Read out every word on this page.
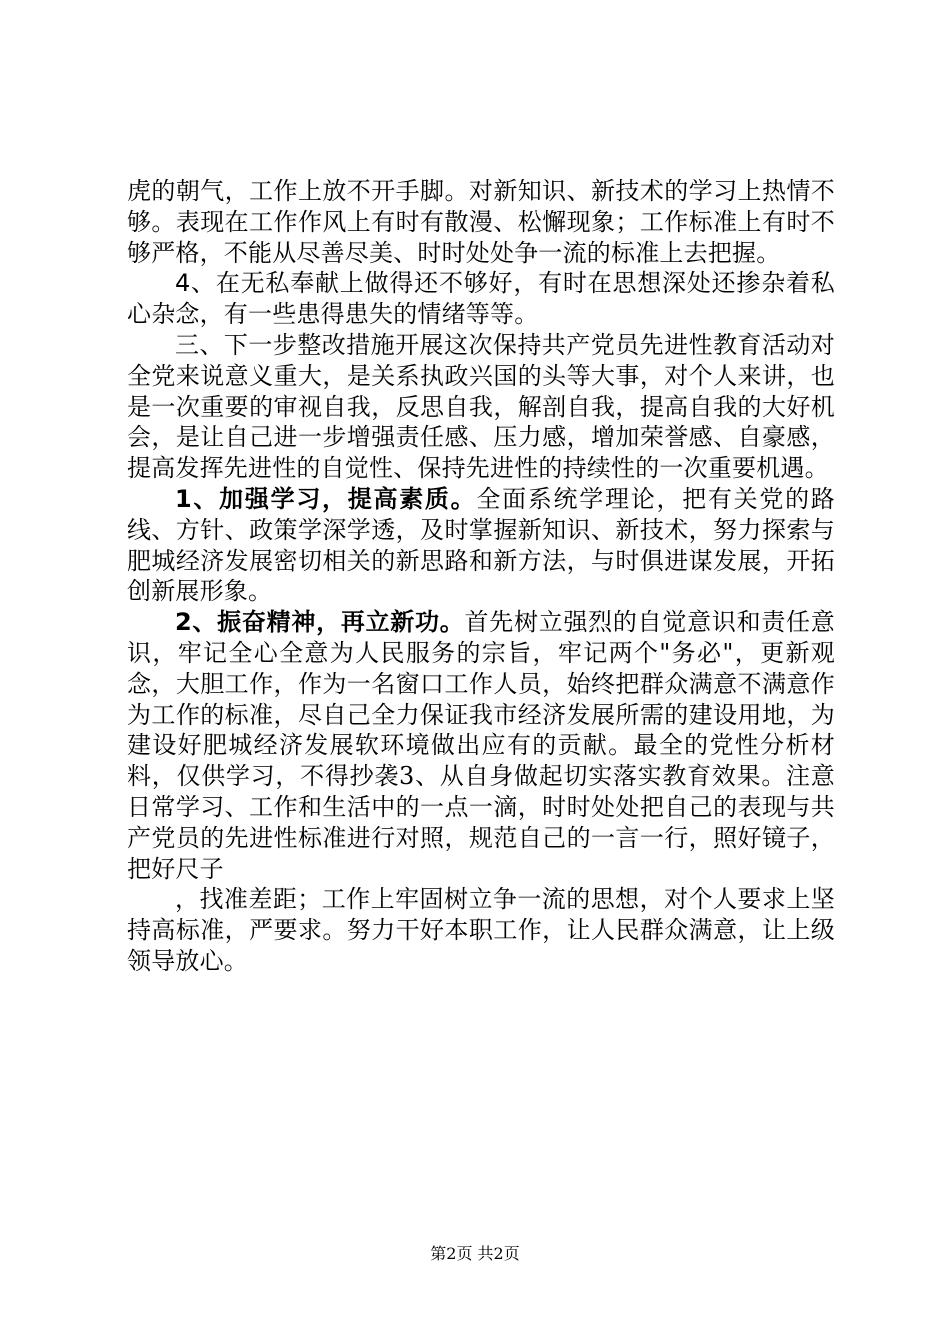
虎的朝气，工作上放不开手脚。对新知识、新技术的学习上热情不够。表现在工作作风上有时有散漫、松懈现象；工作标准上有时不够严格，不能从尽善尽美、时时处处争一流的标准上去把握。

4、在无私奉献上做得还不够好，有时在思想深处还掺杂着私心杂念，有一些患得患失的情绪等等。

三、下一步整改措施开展这次保持共产党员先进性教育活动对全党来说意义重大，是关系执政兴国的头等大事，对个人来讲，也是一次重要的审视自我，反思自我，解剖自我，提高自我的大好机会，是让自己进一步增强责任感、压力感，增加荣誉感、自豪感，提高发挥先进性的自觉性、保持先进性的持续性的一次重要机遇。

1、加强学习，提高素质。全面系统学理论，把有关党的路线、方针、政策学深学透，及时掌握新知识、新技术，努力探索与肥城经济发展密切相关的新思路和新方法，与时俱进谋发展，开拓创新展形象。

2、振奋精神，再立新功。首先树立强烈的自觉意识和责任意识，牢记全心全意为人民服务的宗旨，牢记两个"务必"，更新观念，大胆工作，作为一名窗口工作人员，始终把群众满意不满意作为工作的标准，尽自己全力保证我市经济发展所需的建设用地，为建设好肥城经济发展软环境做出应有的贡献。最全的党性分析材料，仅供学习，不得抄袭3、从自身做起切实落实教育效果。注意日常学习、工作和生活中的一点一滴，时时处处把自己的表现与共产党员的先进性标准进行对照，规范自己的一言一行，照好镜子，把好尺子

，找准差距；工作上牢固树立争一流的思想，对个人要求上坚持高标准，严要求。努力干好本职工作，让人民群众满意，让上级领导放心。

第2页 共2页
